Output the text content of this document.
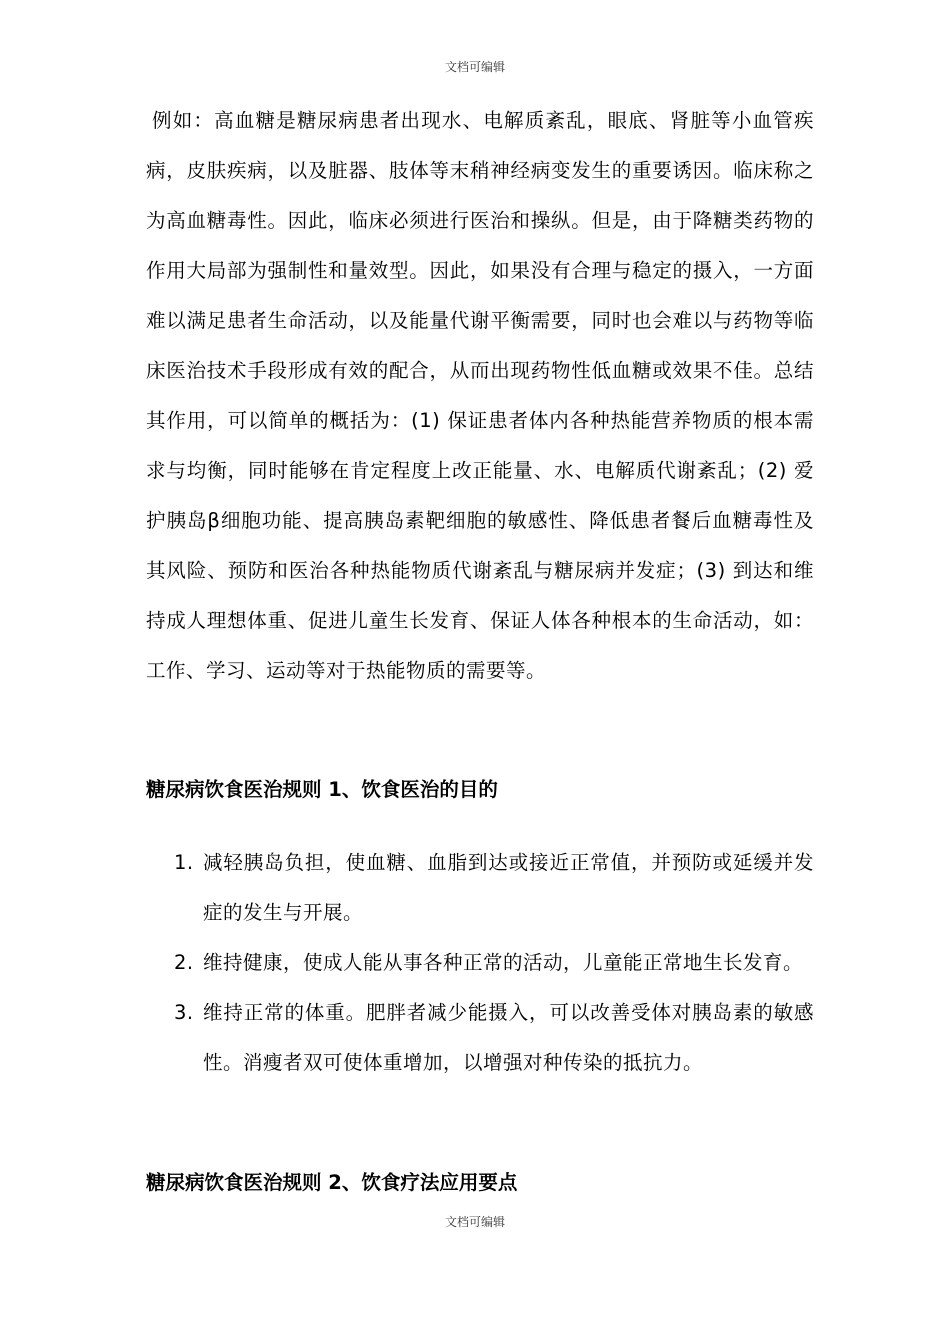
文档可编辑
例如：高血糖是糖尿病患者出现水、电解质紊乱，眼底、肾脏等小血管疾病，皮肤疾病，以及脏器、肢体等末稍神经病变发生的重要诱因。临床称之为高血糖毒性。因此，临床必须进行医治和操纵。但是，由于降糖类药物的作用大局部为强制性和量效型。因此，如果没有合理与稳定的摄入，一方面难以满足患者生命活动，以及能量代谢平衡需要，同时也会难以与药物等临床医治技术手段形成有效的配合，从而出现药物性低血糖或效果不佳。总结其作用，可以简单的概括为：(1) 保证患者体内各种热能营养物质的根本需求与均衡，同时能够在肯定程度上改正能量、水、电解质代谢紊乱；(2) 爱护胰岛β细胞功能、提高胰岛素靶细胞的敏感性、降低患者餐后血糖毒性及其风险、预防和医治各种热能物质代谢紊乱与糖尿病并发症；(3) 到达和维持成人理想体重、促进儿童生长发育、保证人体各种根本的生命活动，如：工作、学习、运动等对于热能物质的需要等。
糖尿病饮食医治规则 1、饮食医治的目的
1. 减轻胰岛负担，使血糖、血脂到达或接近正常值，并预防或延缓并发症的发生与开展。
2. 维持健康，使成人能从事各种正常的活动，儿童能正常地生长发育。
3. 维持正常的体重。肥胖者减少能摄入，可以改善受体对胰岛素的敏感性。消瘦者双可使体重增加，以增强对种传染的抵抗力。
糖尿病饮食医治规则 2、饮食疗法应用要点
文档可编辑
